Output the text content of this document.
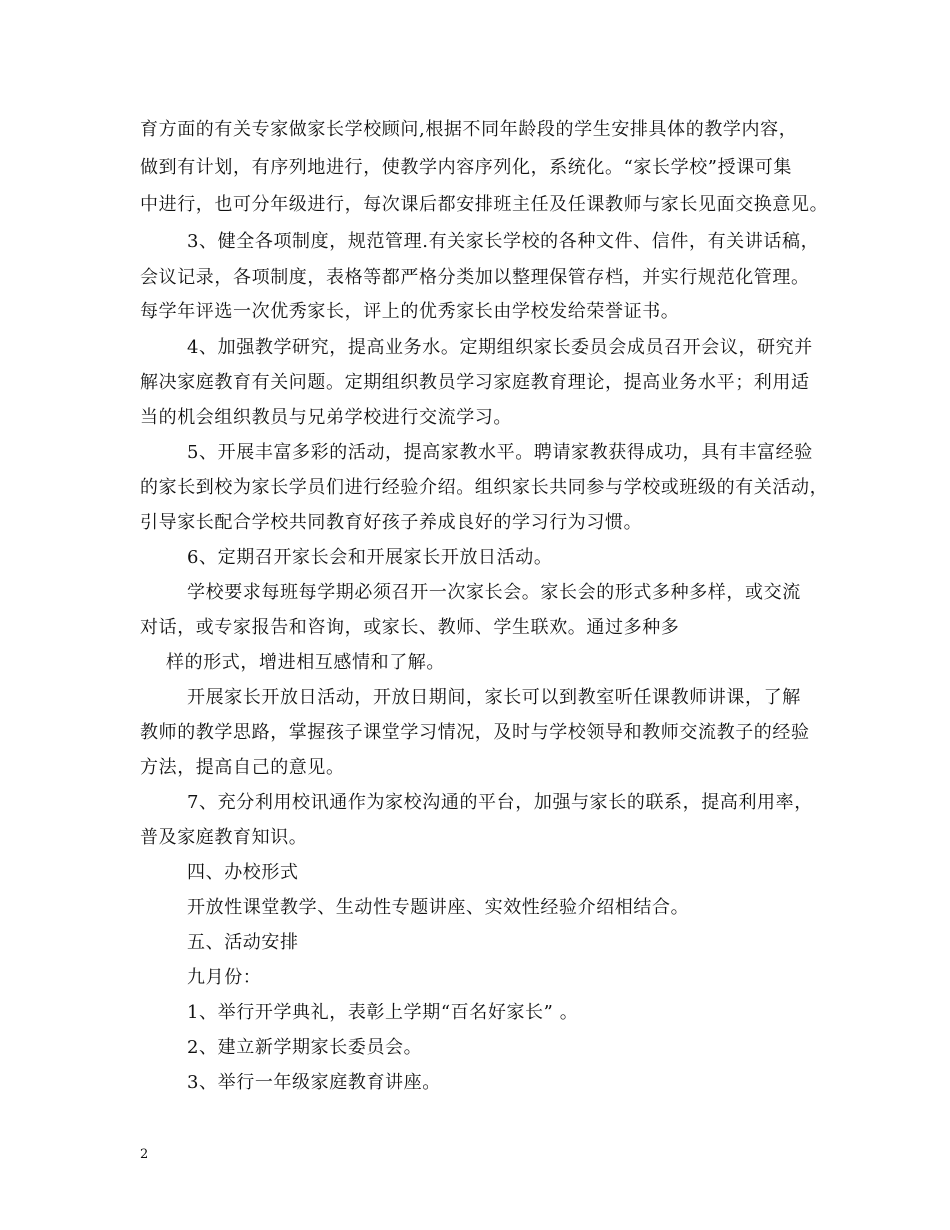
育方面的有关专家做家长学校顾问,根据不同年龄段的学生安排具体的教学内容，
做到有计划，有序列地进行，使教学内容序列化，系统化。“家长学校”授课可集
中进行，也可分年级进行，每次课后都安排班主任及任课教师与家长见面交换意见。
3、健全各项制度，规范管理.有关家长学校的各种文件、信件，有关讲话稿，
会议记录，各项制度，表格等都严格分类加以整理保管存档，并实行规范化管理。
每学年评选一次优秀家长，评上的优秀家长由学校发给荣誉证书。
4、加强教学研究，提高业务水。定期组织家长委员会成员召开会议，研究并
解决家庭教育有关问题。定期组织教员学习家庭教育理论，提高业务水平；利用适
当的机会组织教员与兄弟学校进行交流学习。
5、开展丰富多彩的活动，提高家教水平。聘请家教获得成功，具有丰富经验
的家长到校为家长学员们进行经验介绍。组织家长共同参与学校或班级的有关活动，
引导家长配合学校共同教育好孩子养成良好的学习行为习惯。
6、定期召开家长会和开展家长开放日活动。
学校要求每班每学期必须召开一次家长会。家长会的形式多种多样，或交流
对话，或专家报告和咨询，或家长、教师、学生联欢。通过多种多
样的形式，增进相互感情和了解。
开展家长开放日活动，开放日期间，家长可以到教室听任课教师讲课，了解
教师的教学思路，掌握孩子课堂学习情况，及时与学校领导和教师交流教子的经验
方法，提高自己的意见。
7、充分利用校讯通作为家校沟通的平台，加强与家长的联系，提高利用率，
普及家庭教育知识。
四、办校形式
开放性课堂教学、生动性专题讲座、实效性经验介绍相结合。
五、活动安排
九月份：
1、举行开学典礼，表彰上学期“百名好家长” 。
2、建立新学期家长委员会。
3、举行一年级家庭教育讲座。
2
